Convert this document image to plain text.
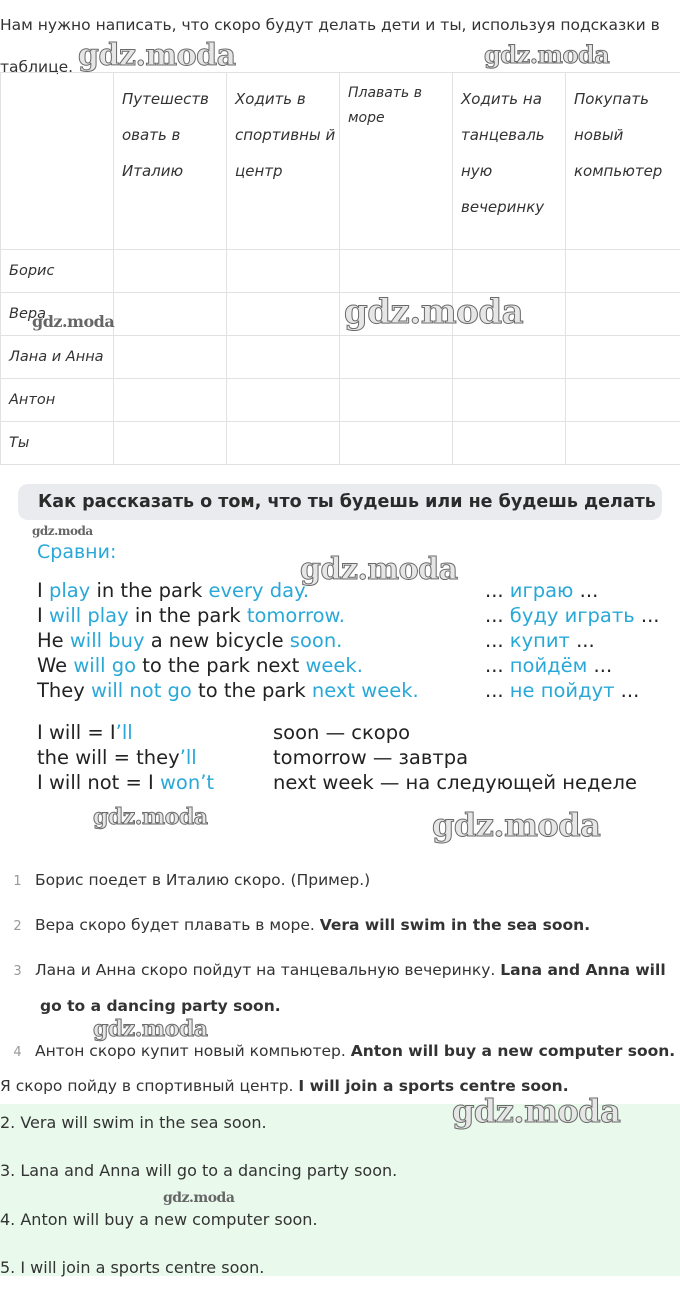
Нам нужно написать, что скоро будут делать дети и ты, используя подсказки в таблице.
	Путешеств овать в Италию	Ходить в спортивны й центр	Плавать в море	Ходить на танцеваль ную вечеринку	Покупать новый компьютер
Борис					
Вера					
Лана и Анна					
Антон					
Ты					
Как рассказать о том, что ты будешь или не будешь делать
Сравни:
I play in the park every day.	... играю ...
I will play in the park tomorrow.	... буду играть ...
He will buy a new bicycle soon.	... купит ...
We will go to the park next week.	... пойдём ...
They will not go to the park next week.	... не пойдут ...
I will = I’ll	soon — скоро
the will = they’ll	tomorrow — завтра
I will not = I won’t	next week — на следующей неделе
1 Борис поедет в Италию скоро. (Пример.)
2 Вера скоро будет плавать в море. Vera will swim in the sea soon.
3 Лана и Анна скоро пойдут на танцевальную вечеринку. Lana and Anna will
4 Антон скоро купит новый компьютер. Anton will buy a new computer soon.
go to a dancing party soon.
Я скоро пойду в спортивный центр. I will join a sports centre soon.
2. Vera will swim in the sea soon.
3. Lana and Anna will go to a dancing party soon.
4. Anton will buy a new computer soon.
5. I will join a sports centre soon.
gdz.moda	gdz.moda
gdz.moda	gdz.moda
gdz.moda
gdz.moda
gdz.moda	gdz.moda
gdz.moda
gdz.moda
gdz.moda
